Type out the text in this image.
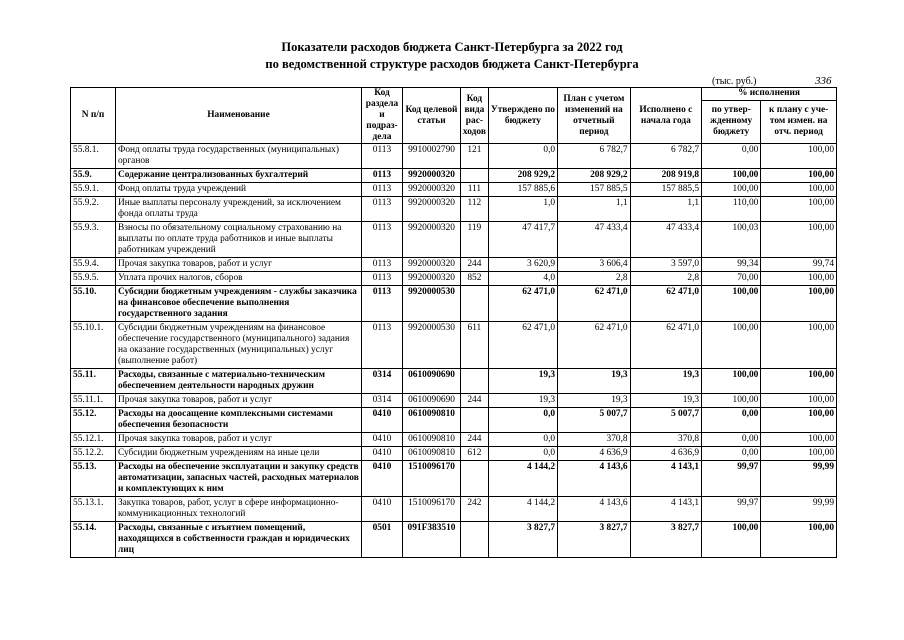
Показатели расходов бюджета Санкт-Петербурга за 2022 год
по ведомственной структуре расходов бюджета Санкт-Петербурга
(тыс. руб.)	336
N п/п	Наименование	Код раздела и подраз-дела	Код целевой статьи	Код вида рас-ходов	Утверждено по бюджету	План с учетом изменений на отчетный период	Исполнено с начала года	% исполнения	
								по утвер-жденному бюджету	к плану с уче-том измен. на отч. период
55.8.1.	Фонд оплаты труда государственных (муниципальных) органов	0113	9910002790	121	0,0	6 782,7	6 782,7	0,00	100,00
55.9.	Содержание централизованных бухгалтерий	0113	9920000320		208 929,2	208 929,2	208 919,8	100,00	100,00
55.9.1.	Фонд оплаты труда учреждений	0113	9920000320	111	157 885,6	157 885,5	157 885,5	100,00	100,00
55.9.2.	Иные выплаты персоналу учреждений, за исключением фонда оплаты труда	0113	9920000320	112	1,0	1,1	1,1	110,00	100,00
55.9.3.	Взносы по обязательному социальному страхованию на выплаты по оплате труда работников и иные выплаты работникам учреждений	0113	9920000320	119	47 417,7	47 433,4	47 433,4	100,03	100,00
55.9.4.	Прочая закупка товаров, работ и услуг	0113	9920000320	244	3 620,9	3 606,4	3 597,0	99,34	99,74
55.9.5.	Уплата прочих налогов, сборов	0113	9920000320	852	4,0	2,8	2,8	70,00	100,00
55.10.	Субсидии бюджетным учреждениям - службы заказчика на финансовое обеспечение выполнения государственного задания	0113	9920000530		62 471,0	62 471,0	62 471,0	100,00	100,00
55.10.1.	Субсидии бюджетным учреждениям на финансовое обеспечение государственного (муниципального) задания на оказание государственных (муниципальных) услуг (выполнение работ)	0113	9920000530	611	62 471,0	62 471,0	62 471,0	100,00	100,00
55.11.	Расходы, связанные с материально-техническим обеспечением деятельности народных дружин	0314	0610090690		19,3	19,3	19,3	100,00	100,00
55.11.1.	Прочая закупка товаров, работ и услуг	0314	0610090690	244	19,3	19,3	19,3	100,00	100,00
55.12.	Расходы на доосащение комплексными системами обеспечения безопасности	0410	0610090810		0,0	5 007,7	5 007,7	0,00	100,00
55.12.1.	Прочая закупка товаров, работ и услуг	0410	0610090810	244	0,0	370,8	370,8	0,00	100,00
55.12.2.	Субсидии бюджетным учреждениям на иные цели	0410	0610090810	612	0,0	4 636,9	4 636,9	0,00	100,00
55.13.	Расходы на обеспечение эксплуатации и закупку средств автоматизации, запасных частей, расходных материалов и комплектующих к ним	0410	1510096170		4 144,2	4 143,6	4 143,1	99,97	99,99
55.13.1.	Закупка товаров, работ, услуг в сфере информационно-коммуникационных технологий	0410	1510096170	242	4 144,2	4 143,6	4 143,1	99,97	99,99
55.14.	Расходы, связанные с изъятием помещений, находящихся в собственности граждан и юридических лиц	0501	091F383510		3 827,7	3 827,7	3 827,7	100,00	100,00
